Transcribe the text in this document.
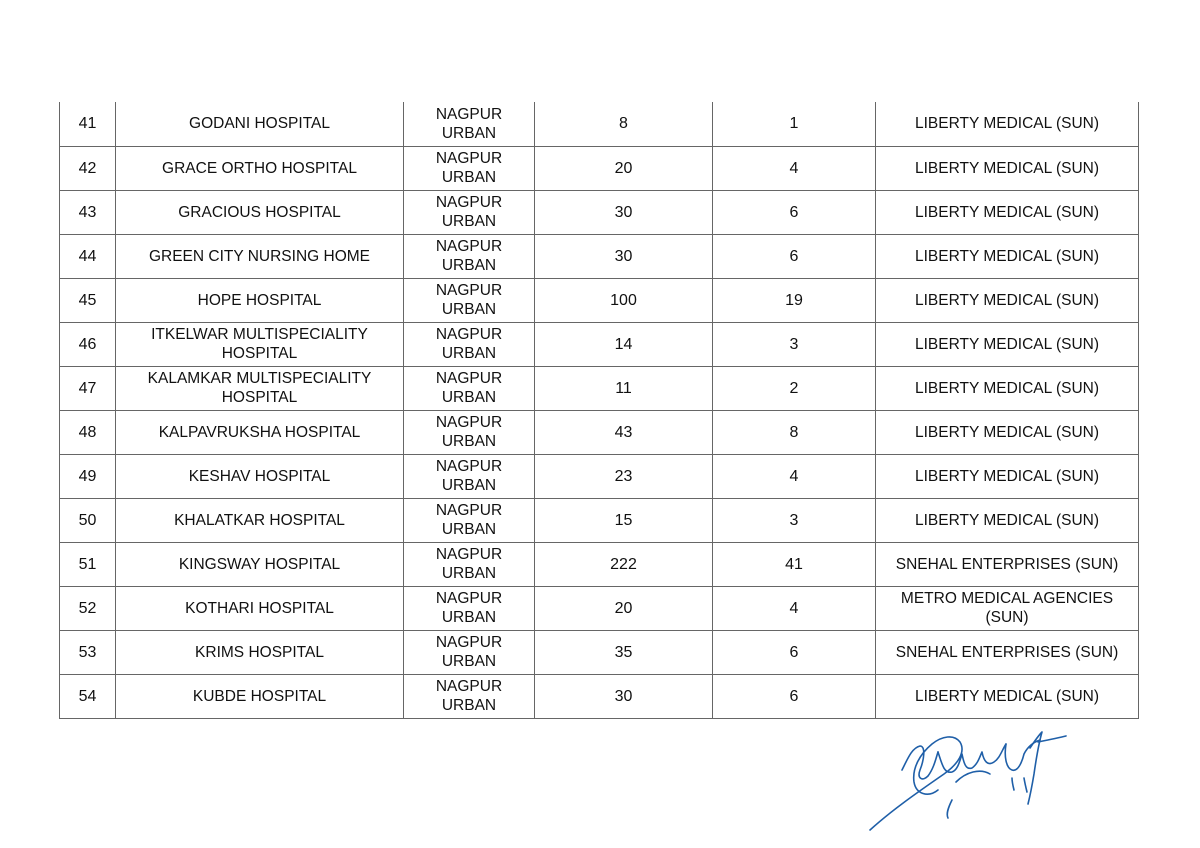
41	GODANI HOSPITAL	NAGPUR URBAN	8	1	LIBERTY MEDICAL (SUN)
42	GRACE ORTHO HOSPITAL	NAGPUR URBAN	20	4	LIBERTY MEDICAL (SUN)
43	GRACIOUS HOSPITAL	NAGPUR URBAN	30	6	LIBERTY MEDICAL (SUN)
44	GREEN CITY NURSING HOME	NAGPUR URBAN	30	6	LIBERTY MEDICAL (SUN)
45	HOPE HOSPITAL	NAGPUR URBAN	100	19	LIBERTY MEDICAL (SUN)
46	ITKELWAR MULTISPECIALITY HOSPITAL	NAGPUR URBAN	14	3	LIBERTY MEDICAL (SUN)
47	KALAMKAR MULTISPECIALITY HOSPITAL	NAGPUR URBAN	11	2	LIBERTY MEDICAL (SUN)
48	KALPAVRUKSHA HOSPITAL	NAGPUR URBAN	43	8	LIBERTY MEDICAL (SUN)
49	KESHAV HOSPITAL	NAGPUR URBAN	23	4	LIBERTY MEDICAL (SUN)
50	KHALATKAR HOSPITAL	NAGPUR URBAN	15	3	LIBERTY MEDICAL (SUN)
51	KINGSWAY HOSPITAL	NAGPUR URBAN	222	41	SNEHAL ENTERPRISES (SUN)
52	KOTHARI HOSPITAL	NAGPUR URBAN	20	4	METRO MEDICAL AGENCIES (SUN)
53	KRIMS HOSPITAL	NAGPUR URBAN	35	6	SNEHAL ENTERPRISES (SUN)
54	KUBDE HOSPITAL	NAGPUR URBAN	30	6	LIBERTY MEDICAL (SUN)
